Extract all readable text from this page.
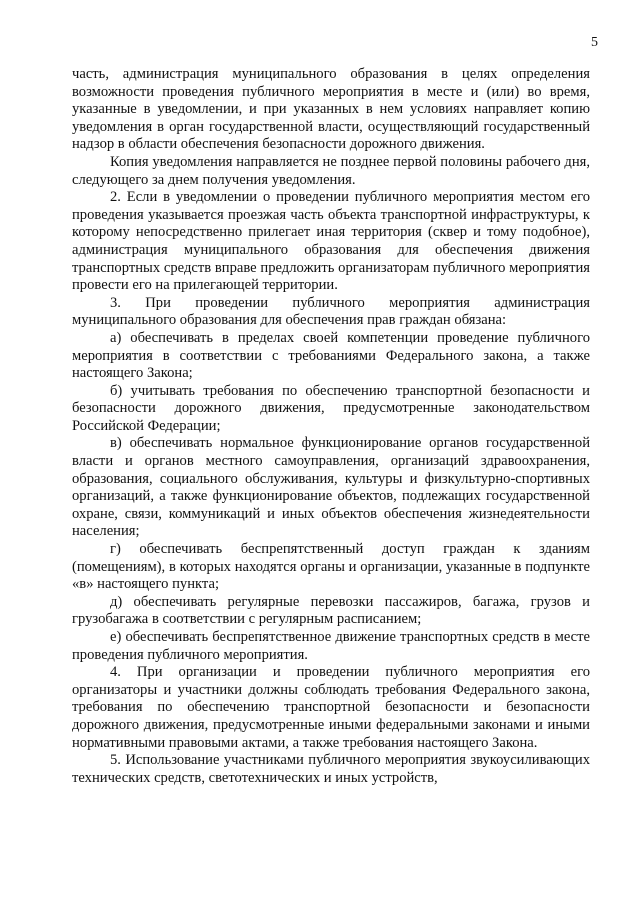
5

часть, администрация муниципального образования в целях определения возможности проведения публичного мероприятия в месте и (или) во время, указанные в уведомлении, и при указанных в нем условиях направляет копию уведомления в орган государственной власти, осуществляющий государственный надзор в области обеспечения безопасности дорожного движения.

Копия уведомления направляется не позднее первой половины рабочего дня, следующего за днем получения уведомления.

2. Если в уведомлении о проведении публичного мероприятия местом его проведения указывается проезжая часть объекта транспортной инфраструктуры, к которому непосредственно прилегает иная территория (сквер и тому подобное), администрация муниципального образования для обеспечения движения транспортных средств вправе предложить организаторам публичного мероприятия провести его на прилегающей территории.

3. При проведении публичного мероприятия администрация муниципального образования для обеспечения прав граждан обязана:

а) обеспечивать в пределах своей компетенции проведение публичного мероприятия в соответствии с требованиями Федерального закона, а также настоящего Закона;

б) учитывать требования по обеспечению транспортной безопасности и безопасности дорожного движения, предусмотренные законодательством Российской Федерации;

в) обеспечивать нормальное функционирование органов государственной власти и органов местного самоуправления, организаций здравоохранения, образования, социального обслуживания, культуры и физкультурно-спортивных организаций, а также функционирование объектов, подлежащих государственной охране, связи, коммуникаций и иных объектов обеспечения жизнедеятельности населения;

г) обеспечивать беспрепятственный доступ граждан к зданиям (помещениям), в которых находятся органы и организации, указанные в подпункте «в» настоящего пункта;

д) обеспечивать регулярные перевозки пассажиров, багажа, грузов и грузобагажа в соответствии с регулярным расписанием;

е) обеспечивать беспрепятственное движение транспортных средств в месте проведения публичного мероприятия.

4. При организации и проведении публичного мероприятия его организаторы и участники должны соблюдать требования Федерального закона, требования по обеспечению транспортной безопасности и безопасности дорожного движения, предусмотренные иными федеральными законами и иными нормативными правовыми актами, а также требования настоящего Закона.

5. Использование участниками публичного мероприятия звукоусиливающих технических средств, светотехнических и иных устройств,
